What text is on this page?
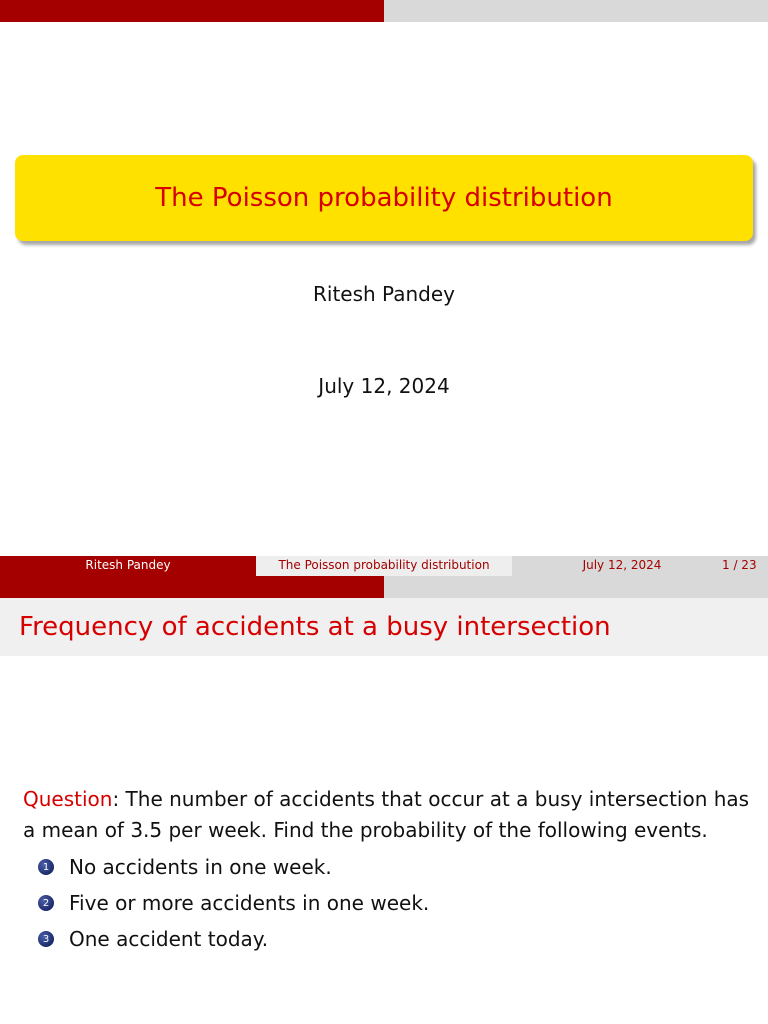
The Poisson probability distribution
Ritesh Pandey
July 12, 2024
Ritesh Pandey	The Poisson probability distribution	July 12, 2024	1 / 23
Frequency of accidents at a busy intersection
Question: The number of accidents that occur at a busy intersection has a mean of 3.5 per week. Find the probability of the following events.
1 No accidents in one week.
2 Five or more accidents in one week.
3 One accident today.
